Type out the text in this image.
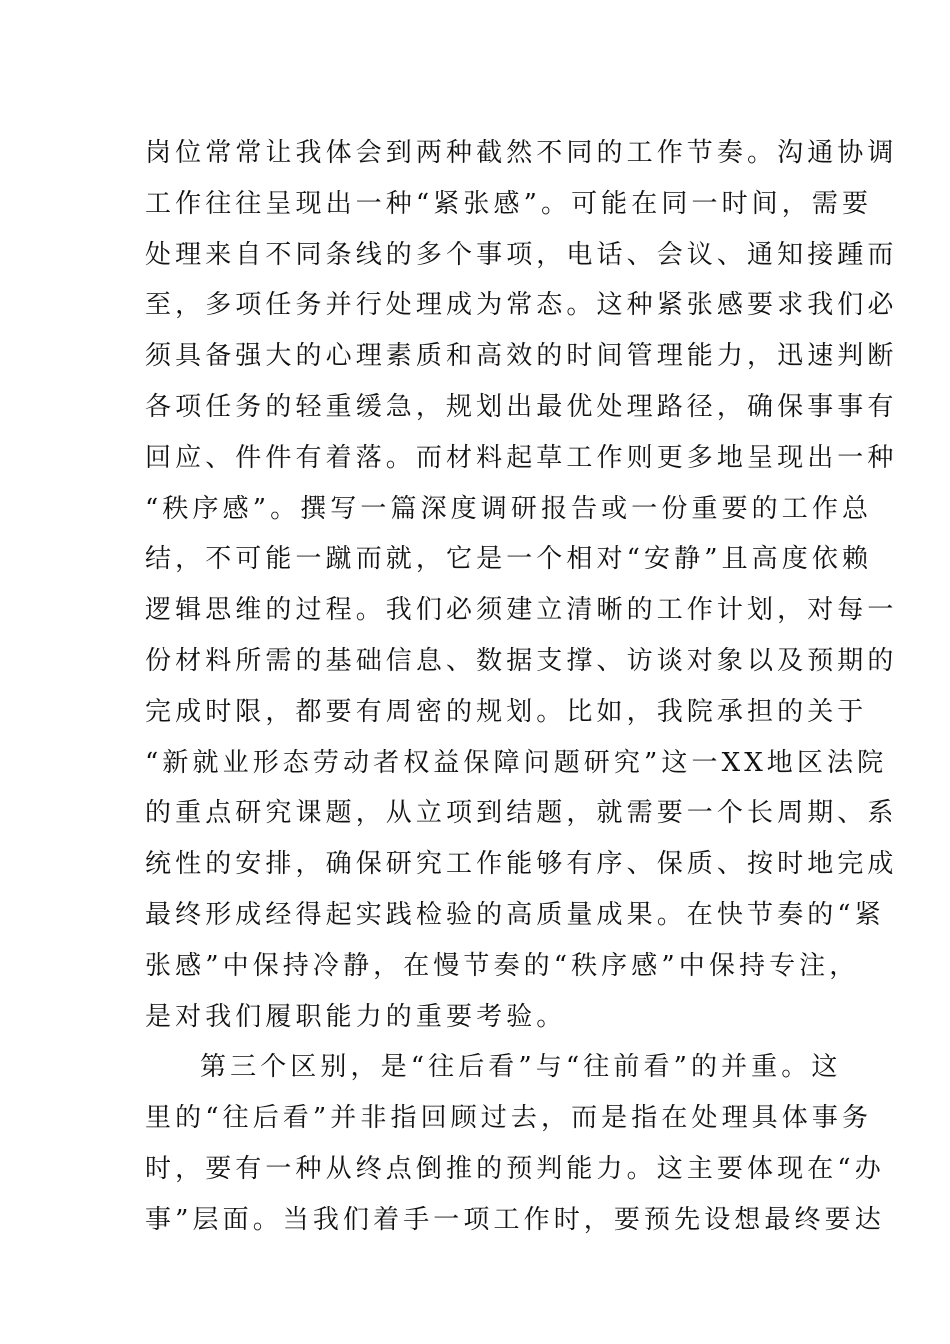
岗位常常让我体会到两种截然不同的工作节奏。沟通协调
工作往往呈现出一种“紧张感”。可能在同一时间，需要
处理来自不同条线的多个事项，电话、会议、通知接踵而
至，多项任务并行处理成为常态。这种紧张感要求我们必
须具备强大的心理素质和高效的时间管理能力，迅速判断
各项任务的轻重缓急，规划出最优处理路径，确保事事有
回应、件件有着落。而材料起草工作则更多地呈现出一种
“秩序感”。撰写一篇深度调研报告或一份重要的工作总
结，不可能一蹴而就，它是一个相对“安静”且高度依赖
逻辑思维的过程。我们必须建立清晰的工作计划，对每一
份材料所需的基础信息、数据支撑、访谈对象以及预期的
完成时限，都要有周密的规划。比如，我院承担的关于
“新就业形态劳动者权益保障问题研究”这一XX地区法院
的重点研究课题，从立项到结题，就需要一个长周期、系
统性的安排，确保研究工作能够有序、保质、按时地完成
最终形成经得起实践检验的高质量成果。在快节奏的“紧
张感”中保持冷静，在慢节奏的“秩序感”中保持专注，
是对我们履职能力的重要考验。
第三个区别，是“往后看”与“往前看”的并重。这
里的“往后看”并非指回顾过去，而是指在处理具体事务
时，要有一种从终点倒推的预判能力。这主要体现在“办
事”层面。当我们着手一项工作时，要预先设想最终要达
